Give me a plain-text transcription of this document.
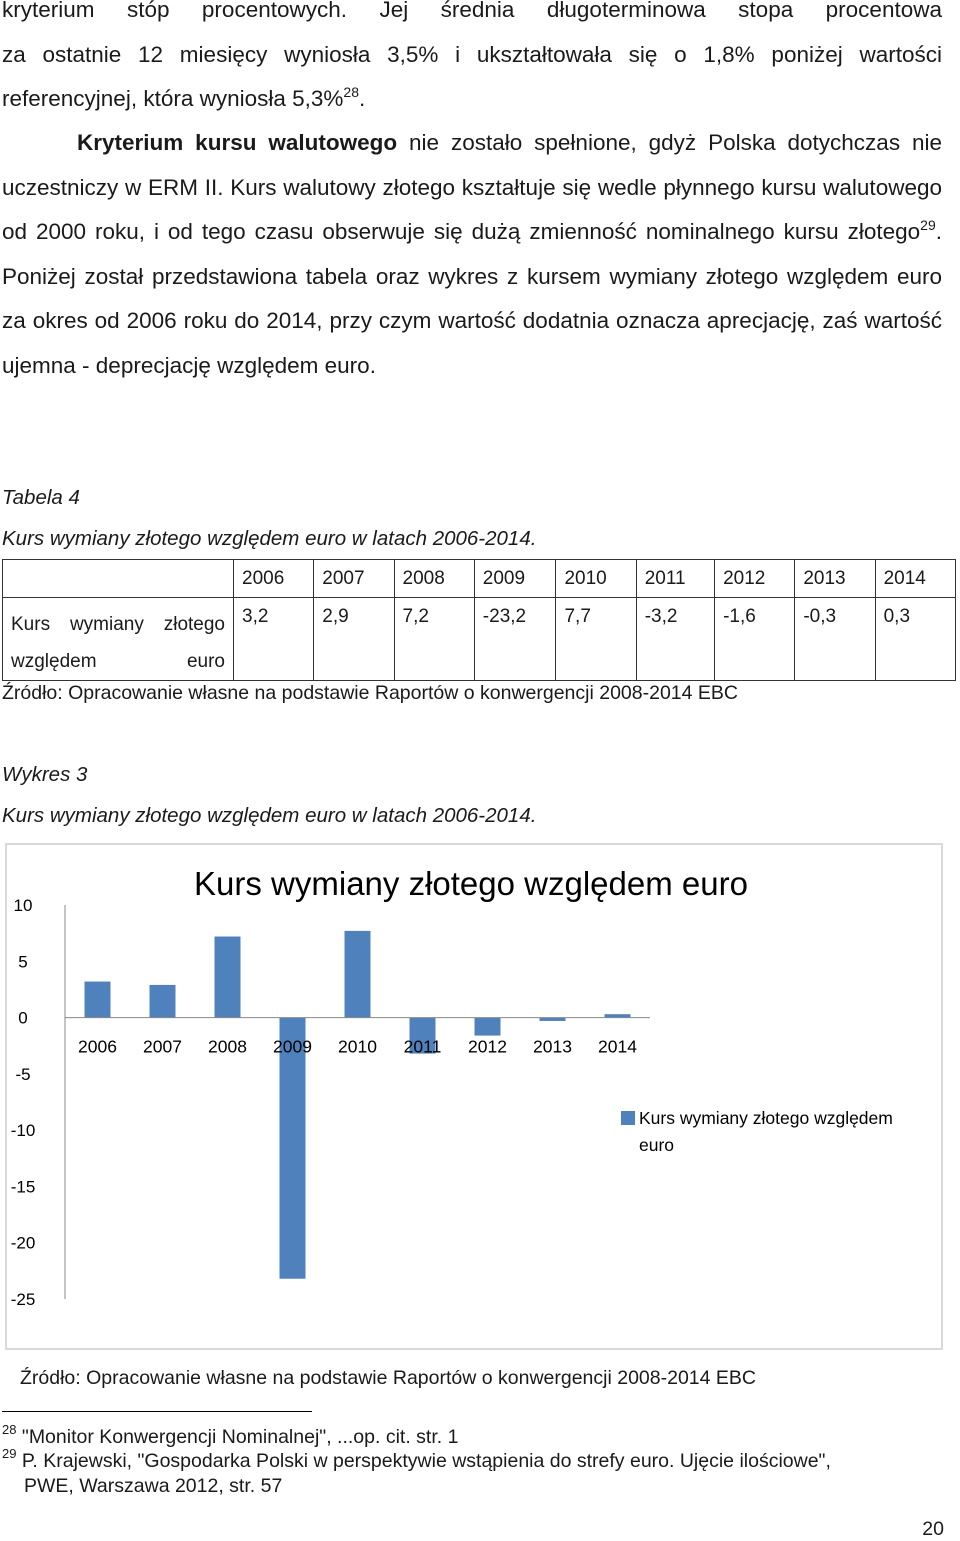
kryterium stóp procentowych. Jej średnia długoterminowa stopa procentowa

za ostatnie 12 miesięcy wyniosła 3,5% i ukształtowała się o 1,8% poniżej wartości

referencyjnej, która wyniosła 5,3%$^{28}$.

Kryterium kursu walutowego nie zostało spełnione, gdyż Polska dotychczas nie uczestniczy w ERM II. Kurs walutowy złotego kształtuje się wedle płynnego kursu walutowego od 2000 roku, i od tego czasu obserwuje się dużą zmienność nominalnego kursu złotego$^{29}$. Poniżej został przedstawiona tabela oraz wykres z kursem wymiany złotego względem euro za okres od 2006 roku do 2014, przy czym wartość dodatnia oznacza aprecjację, zaś wartość ujemna - deprecjację względem euro.

Tabela 4
Kurs wymiany złotego względem euro w latach 2006-2014.
	2006	2007	2008	2009	2010	2011	2012	2013	2014

Kurs wymiany złotego względem euro	3,2	2,9	7,2	-23,2	7,7	-3,2	-1,6	-0,3	0,3
Źródło: Opracowanie własne na podstawie Raportów o konwergencji 2008-2014 EBC
Wykres 3
Kurs wymiany złotego względem euro w latach 2006-2014.
Kurs wymiany złotego względem euro
10
5
0
-5
-10
-15
-20
-25
2006 2007 2008 2009 2010 2011 2012 2013 2014
Kurs wymiany złotego względem
euro
Źródło: Opracowanie własne na podstawie Raportów o konwergencji 2008-2014 EBC
$^{28}$ "Monitor Konwergencji Nominalnej", ...op. cit. str. 1
$^{29}$ P. Krajewski, "Gospodarka Polski w perspektywie wstąpienia do strefy euro. Ujęcie ilościowe",
PWE, Warszawa 2012, str. 57
20
